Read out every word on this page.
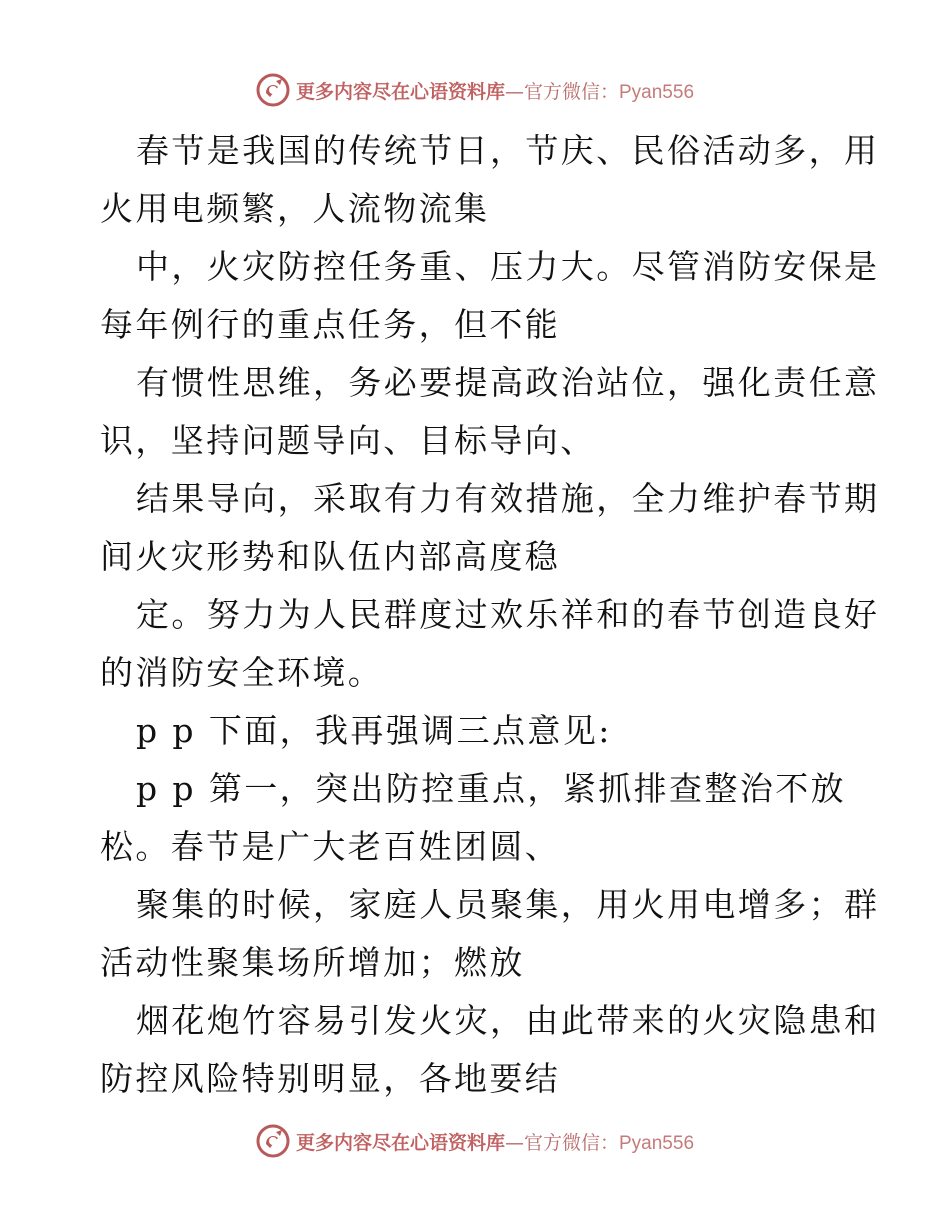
更多内容尽在心语资料库—官方微信：Pyan556
春节是我国的传统节日，节庆、民俗活动多，用
火用电频繁，人流物流集
中，火灾防控任务重、压力大。尽管消防安保是
每年例行的重点任务，但不能
有惯性思维，务必要提高政治站位，强化责任意
识，坚持问题导向、目标导向、
结果导向，采取有力有效措施，全力维护春节期
间火灾形势和队伍内部高度稳
定。努力为人民群度过欢乐祥和的春节创造良好
的消防安全环境。
p p 下面，我再强调三点意见:
p p 第一，突出防控重点，紧抓排查整治不放
松。春节是广大老百姓团圆、
聚集的时候，家庭人员聚集，用火用电增多；群
活动性聚集场所增加；燃放
烟花炮竹容易引发火灾，由此带来的火灾隐患和
防控风险特别明显，各地要结
更多内容尽在心语资料库—官方微信：Pyan556
